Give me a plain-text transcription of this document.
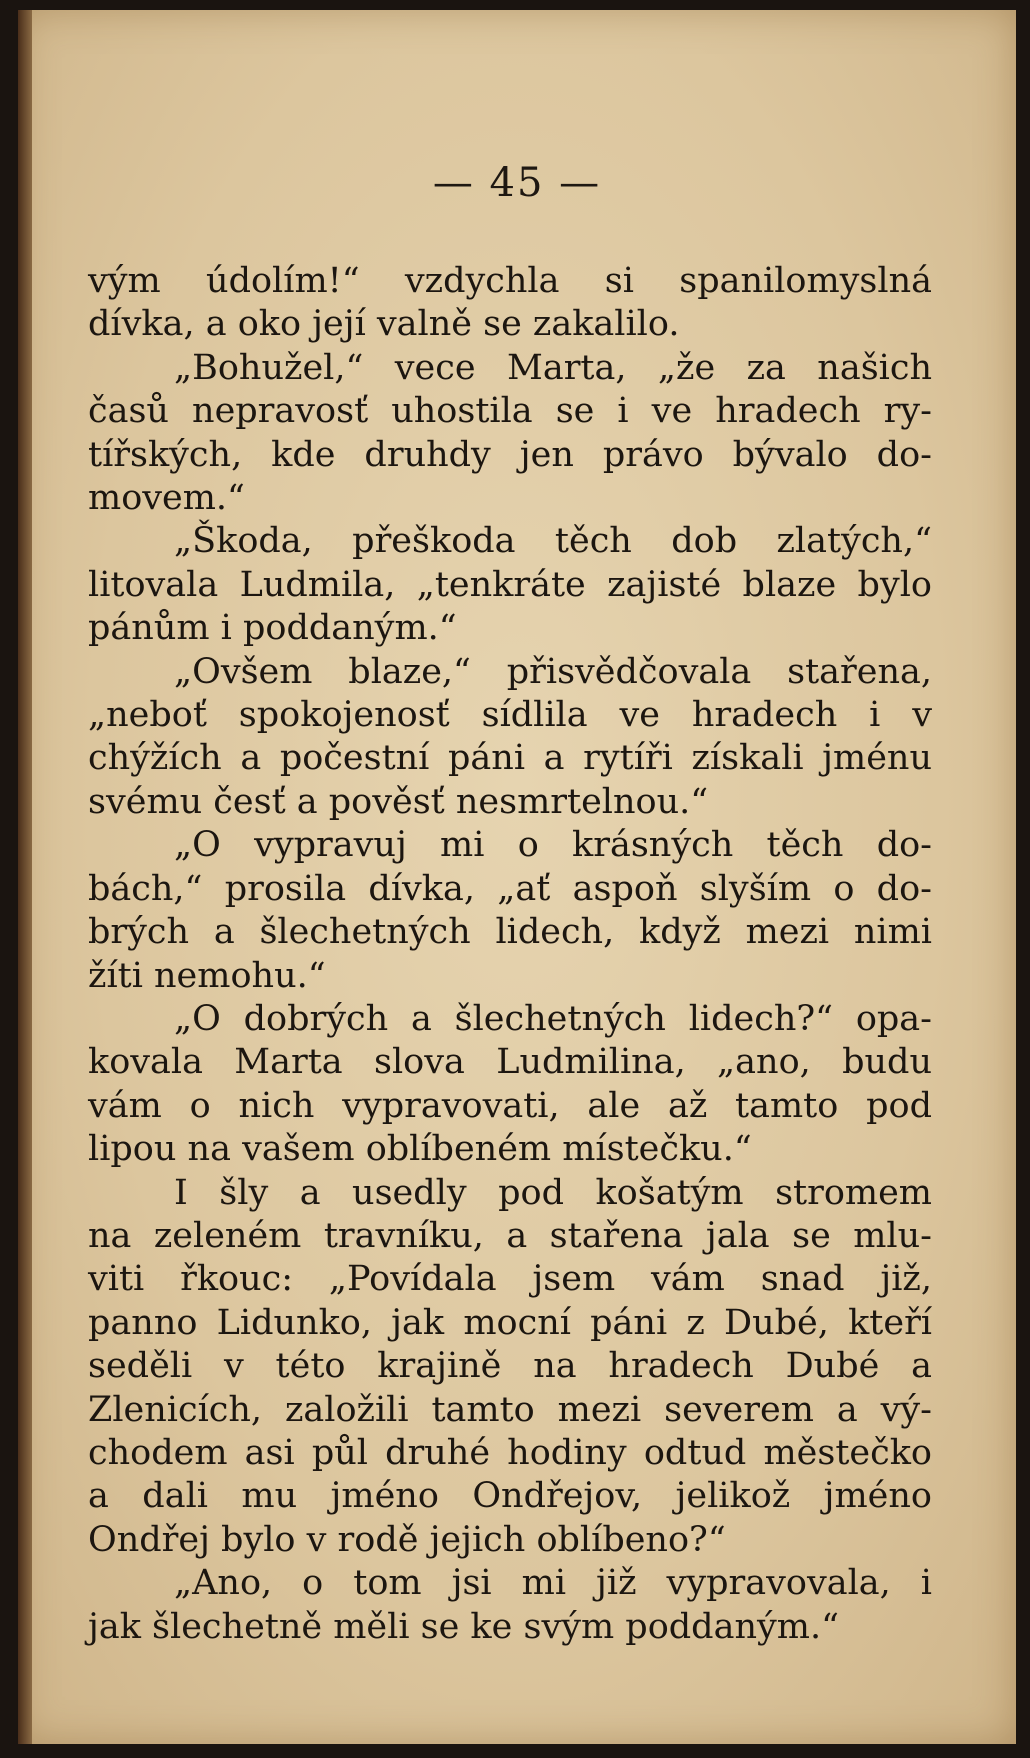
— 45 —
vým údolím!“ vzdychla si spanilomyslná
dívka, a oko její valně se zakalilo.
„Bohužel,“ vece Marta, „že za našich
časů nepravosť uhostila se i ve hradech ry-
tířských, kde druhdy jen právo bývalo do-
movem.“
„Škoda, přeškoda těch dob zlatých,“
litovala Ludmila, „tenkráte zajisté blaze bylo
pánům i poddaným.“
„Ovšem blaze,“ přisvědčovala stařena,
„neboť spokojenosť sídlila ve hradech i v
chýžích a počestní páni a rytíři získali jménu
svému česť a pověsť nesmrtelnou.“
„O vypravuj mi o krásných těch do-
bách,“ prosila dívka, „ať aspoň slyším o do-
brých a šlechetných lidech, když mezi nimi
žíti nemohu.“
„O dobrých a šlechetných lidech?“ opa-
kovala Marta slova Ludmilina, „ano, budu
vám o nich vypravovati, ale až tamto pod
lipou na vašem oblíbeném místečku.“
I šly a usedly pod košatým stromem
na zeleném travníku, a stařena jala se mlu-
viti řkouc: „Povídala jsem vám snad již,
panno Lidunko, jak mocní páni z Dubé, kteří
seděli v této krajině na hradech Dubé a
Zlenicích, založili tamto mezi severem a vý-
chodem asi půl druhé hodiny odtud městečko
a dali mu jméno Ondřejov, jelikož jméno
Ondřej bylo v rodě jejich oblíbeno?“
„Ano, o tom jsi mi již vypravovala, i
jak šlechetně měli se ke svým poddaným.“
